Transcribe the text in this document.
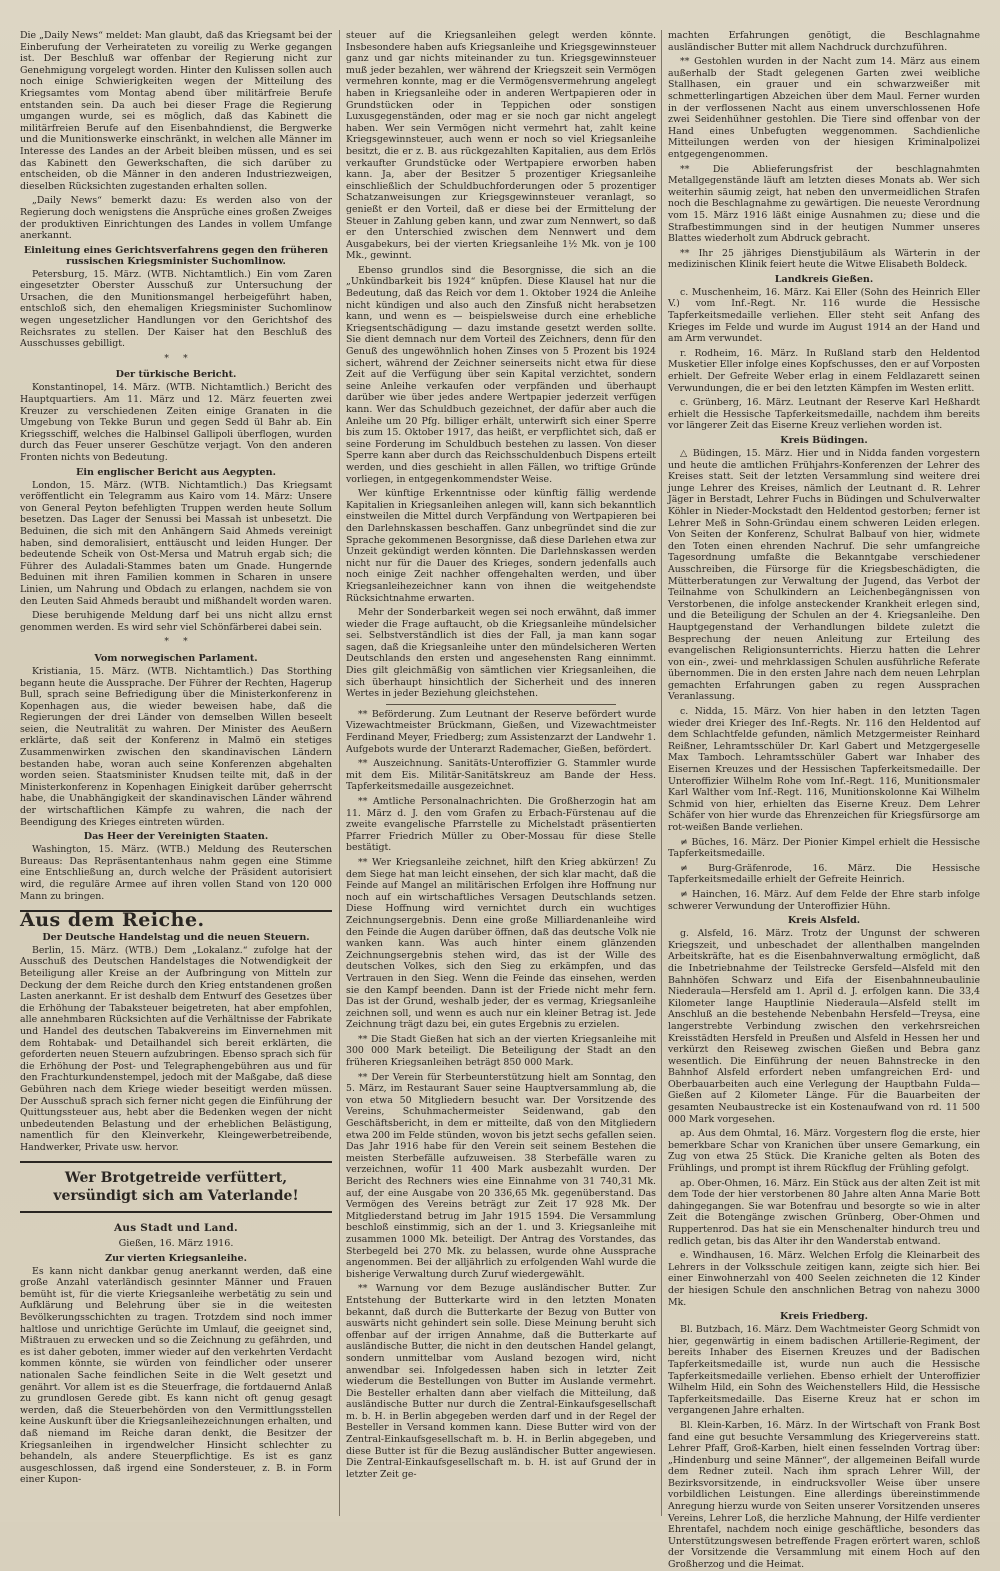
Die „Daily News“ meldet: Man glaubt, daß das Kriegsamt bei der Einberufung der Verheirateten zu voreilig zu Werke gegangen ist. Der Beschluß war offenbar der Regierung nicht zur Genehmigung vorgelegt worden. Hinter den Kulissen sollen auch noch einige Schwierigkeiten wegen der Mitteilung des Kriegsamtes vom Montag abend über militärfreie Berufe entstanden sein. Da auch bei dieser Frage die Regierung umgangen wurde, sei es möglich, daß das Kabinett die militärfreien Berufe auf den Eisenbahndienst, die Bergwerke und die Munitionswerke einschränkt, in welchen alle Männer im Interesse des Landes an der Arbeit bleiben müssen, und es sei das Kabinett den Gewerkschaften, die sich darüber zu entscheiden, ob die Männer in den anderen Industriezweigen, dieselben Rücksichten zugestanden erhalten sollen.

„Daily News“ bemerkt dazu: Es werden also von der Regierung doch wenigstens die Ansprüche eines großen Zweiges der produktiven Einrichtungen des Landes in vollem Umfange anerkannt.

Einleitung eines Gerichtsverfahrens gegen den früheren russischen Kriegsminister Suchomlinow.

Petersburg, 15. März. (WTB. Nichtamtlich.) Ein vom Zaren eingesetzter Oberster Ausschuß zur Untersuchung der Ursachen, die den Munitionsmangel herbeigeführt haben, entschloß sich, den ehemaligen Kriegsminister Suchomlinow wegen ungesetzlicher Handlungen vor den Gerichtshof des Reichsrates zu stellen. Der Kaiser hat den Beschluß des Ausschusses gebilligt.

*     *
Der türkische Bericht.

Konstantinopel, 14. März. (WTB. Nichtamtlich.) Bericht des Hauptquartiers. Am 11. März und 12. März feuerten zwei Kreuzer zu verschiedenen Zeiten einige Granaten in die Umgebung von Tekke Burun und gegen Sedd ül Bahr ab. Ein Kriegsschiff, welches die Halbinsel Gallipoli überflogen, wurden durch das Feuer unserer Geschütze verjagt. Von den anderen Fronten nichts von Bedeutung.

Ein englischer Bericht aus Aegypten.

London, 15. März. (WTB. Nichtamtlich.) Das Kriegsamt veröffentlicht ein Telegramm aus Kairo vom 14. März: Unsere von General Peyton befehligten Truppen werden heute Sollum besetzen. Das Lager der Senussi bei Massah ist unbesetzt. Die Beduinen, die sich mit den Anhängern Said Ahmeds vereinigt haben, sind demoralisiert, enttäuscht und leiden Hunger. Der bedeutende Scheik von Ost-Mersa und Matruh ergab sich; die Führer des Auladali-Stammes baten um Gnade. Hungernde Beduinen mit ihren Familien kommen in Scharen in unsere Linien, um Nahrung und Obdach zu erlangen, nachdem sie von den Leuten Said Ahmeds beraubt und mißhandelt worden waren.

Diese beruhigende Meldung darf bei uns nicht allzu ernst genommen werden. Es wird sehr viel Schönfärberei dabei sein.

*     *
Vom norwegischen Parlament.

Kristiania, 15. März. (WTB. Nichtamtlich.) Das Storthing begann heute die Aussprache. Der Führer der Rechten, Hagerup Bull, sprach seine Befriedigung über die Ministerkonferenz in Kopenhagen aus, die wieder beweisen habe, daß die Regierungen der drei Länder von demselben Willen beseelt seien, die Neutralität zu wahren. Der Minister des Aeußern erklärte, daß seit der Konferenz in Malmö ein stetiges Zusammenwirken zwischen den skandinavischen Ländern bestanden habe, woran auch seine Konferenzen abgehalten worden seien. Staatsminister Knudsen teilte mit, daß in der Ministerkonferenz in Kopenhagen Einigkeit darüber geherrscht habe, die Unabhängigkeit der skandinavischen Länder während der wirtschaftlichen Kämpfe zu wahren, die nach der Beendigung des Krieges eintreten würden.

Das Heer der Vereinigten Staaten.

Washington, 15. März. (WTB.) Meldung des Reuterschen Bureaus: Das Repräsentantenhaus nahm gegen eine Stimme eine Entschließung an, durch welche der Präsident autorisiert wird, die reguläre Armee auf ihren vollen Stand von 120 000 Mann zu bringen.

Aus dem Reiche.
Der Deutsche Handelstag und die neuen Steuern.

Berlin, 15. März. (WTB.) Dem „Lokalanz.“ zufolge hat der Ausschuß des Deutschen Handelstages die Notwendigkeit der Beteiligung aller Kreise an der Aufbringung von Mitteln zur Deckung der dem Reiche durch den Krieg entstandenen großen Lasten anerkannt. Er ist deshalb dem Entwurf des Gesetzes über die Erhöhung der Tabaksteuer beigetreten, hat aber empfohlen, alle annehmbaren Rücksichten auf die Verhältnisse der Fabrikate und Handel des deutschen Tabakvereins im Einvernehmen mit dem Rohtabak- und Detailhandel sich bereit erklärten, die geforderten neuen Steuern aufzubringen. Ebenso sprach sich für die Erhöhung der Post- und Telegraphengebühren aus und für den Frachturkundenstempel, jedoch mit der Maßgabe, daß diese Gebühren nach dem Kriege wieder beseitigt werden müssen. Der Ausschuß sprach sich ferner nicht gegen die Einführung der Quittungssteuer aus, hebt aber die Bedenken wegen der nicht unbedeutenden Belastung und der erheblichen Belästigung, namentlich für den Kleinverkehr, Kleingewerbetreibende, Handwerker, Private usw. hervor.

Wer Brotgetreide verfüttert, versündigt sich am Vaterlande!
Aus Stadt und Land.
Gießen, 16. März 1916.
Zur vierten Kriegsanleihe.

Es kann nicht dankbar genug anerkannt werden, daß eine große Anzahl vaterländisch gesinnter Männer und Frauen bemüht ist, für die vierte Kriegsanleihe werbetätig zu sein und Aufklärung und Belehrung über sie in die weitesten Bevölkerungsschichten zu tragen. Trotzdem sind noch immer haltlose und unrichtige Gerüchte im Umlauf, die geeignet sind, Mißtrauen zu erwecken und so die Zeichnung zu gefährden, und es ist daher geboten, immer wieder auf den verkehrten Verdacht kommen könnte, sie würden von feindlicher oder unserer nationalen Sache feindlichen Seite in die Welt gesetzt und genährt. Vor allem ist es die Steuerfrage, die fortdauernd Anlaß zu grundlosen Gerede gibt. Es kann nicht oft genug gesagt werden, daß die Steuerbehörden von den Vermittlungsstellen keine Auskunft über die Kriegsanleihezeichnungen erhalten, und daß niemand im Reiche daran denkt, die Besitzer der Kriegsanleihen in irgendwelcher Hinsicht schlechter zu behandeln, als andere Steuerpflichtige. Es ist es ganz ausgeschlossen, daß irgend eine Sondersteuer, z. B. in Form einer Kupon-

steuer auf die Kriegsanleihen gelegt werden könnte. Insbesondere haben aufs Kriegsanleihe und Kriegsgewinnsteuer ganz und gar nichts miteinander zu tun. Kriegsgewinnsteuer muß jeder bezahlen, wer während der Kriegszeit sein Vermögen vermehren konnte, mag er die Vermögensvermehrung angelegt haben in Kriegsanleihe oder in anderen Wertpapieren oder in Grundstücken oder in Teppichen oder sonstigen Luxusgegenständen, oder mag er sie noch gar nicht angelegt haben. Wer sein Vermögen nicht vermehrt hat, zahlt keine Kriegsgewinnsteuer, auch wenn er noch so viel Kriegsanleihe besitzt, die er z. B. aus rückgezahlten Kapitalien, aus dem Erlös verkaufter Grundstücke oder Wertpapiere erworben haben kann. Ja, aber der Besitzer 5 prozentiger Kriegsanleihe einschließlich der Schuldbuchforderungen oder 5 prozentiger Schatzanweisungen zur Kriegsgewinnsteuer veranlagt, so genießt er den Vorteil, daß er diese bei der Ermittelung der Steuer in Zahlung geben kann, und zwar zum Nennwert, so daß er den Unterschied zwischen dem Nennwert und dem Ausgabekurs, bei der vierten Kriegsanleihe 1½ Mk. von je 100 Mk., gewinnt.

Ebenso grundlos sind die Besorgnisse, die sich an die „Unkündbarkeit bis 1924“ knüpfen. Diese Klausel hat nur die Bedeutung, daß das Reich vor dem 1. Oktober 1924 die Anleihe nicht kündigen und also auch den Zinsfuß nicht herabsetzen kann, und wenn es — beispielsweise durch eine erhebliche Kriegsentschädigung — dazu imstande gesetzt werden sollte. Sie dient demnach nur dem Vorteil des Zeichners, denn für den Genuß des ungewöhnlich hohen Zinses von 5 Prozent bis 1924 sichert, während der Zeichner seinerseits nicht etwa für diese Zeit auf die Verfügung über sein Kapital verzichtet, sondern seine Anleihe verkaufen oder verpfänden und überhaupt darüber wie über jedes andere Wertpapier jederzeit verfügen kann. Wer das Schuldbuch gezeichnet, der dafür aber auch die Anleihe um 20 Pfg. billiger erhält, unterwirft sich einer Sperre bis zum 15. Oktober 1917, das heißt, er verpflichtet sich, daß er seine Forderung im Schuldbuch bestehen zu lassen. Von dieser Sperre kann aber durch das Reichsschuldenbuch Dispens erteilt werden, und dies geschieht in allen Fällen, wo triftige Gründe vorliegen, in entgegenkommendster Weise.

Wer künftige Erkenntnisse oder künftig fällig werdende Kapitalien in Kriegsanleihen anlegen will, kann sich bekanntlich einstweilen die Mittel durch Verpfändung von Wertpapieren bei den Darlehnskassen beschaffen. Ganz unbegründet sind die zur Sprache gekommenen Besorgnisse, daß diese Darlehen etwa zur Unzeit gekündigt werden könnten. Die Darlehnskassen werden nicht nur für die Dauer des Krieges, sondern jedenfalls auch noch einige Zeit nachher offengehalten werden, und über Kriegsanleihezeichner kann von ihnen die weitgehendste Rücksichtnahme erwarten.

Mehr der Sonderbarkeit wegen sei noch erwähnt, daß immer wieder die Frage auftaucht, ob die Kriegsanleihe mündelsicher sei. Selbstverständlich ist dies der Fall, ja man kann sogar sagen, daß die Kriegsanleihe unter den mündelsicheren Werten Deutschlands den ersten und angesehensten Rang einnimmt. Dies gilt gleichmäßig von sämtlichen vier Kriegsanleihen, die sich überhaupt hinsichtlich der Sicherheit und des inneren Wertes in jeder Beziehung gleichstehen.

** Beförderung. Zum Leutnant der Reserve befördert wurde Vizewachtmeister Brückmann, Gießen, und Vizewachtmeister Ferdinand Meyer, Friedberg; zum Assistenzarzt der Landwehr 1. Aufgebots wurde der Unterarzt Rademacher, Gießen, befördert.

** Auszeichnung. Sanitäts-Unteroffizier G. Stammler wurde mit dem Eis. Militär-Sanitätskreuz am Bande der Hess. Tapferkeitsmedaille ausgezeichnet.

** Amtliche Personalnachrichten. Die Großherzogin hat am 11. März d. J. den vom Grafen zu Erbach-Fürstenau auf die zweite evangelische Pfarrstelle zu Michelstadt präsentierten Pfarrer Friedrich Müller zu Ober-Mossau für diese Stelle bestätigt.

** Wer Kriegsanleihe zeichnet, hilft den Krieg abkürzen! Zu dem Siege hat man leicht einsehen, der sich klar macht, daß die Feinde auf Mangel an militärischen Erfolgen ihre Hoffnung nur noch auf ein wirtschaftliches Versagen Deutschlands setzen. Diese Hoffnung wird vernichtet durch ein wuchtiges Zeichnungsergebnis. Denn eine große Milliardenanleihe wird den Feinde die Augen darüber öffnen, daß das deutsche Volk nie wanken kann. Was auch hinter einem glänzenden Zeichnungsergebnis stehen wird, das ist der Wille des deutschen Volkes, sich den Sieg zu erkämpfen, und das Vertrauen in den Sieg. Wenn die Feinde das einsehen, werden sie den Kampf beenden. Dann ist der Friede nicht mehr fern. Das ist der Grund, weshalb jeder, der es vermag, Kriegsanleihe zeichnen soll, und wenn es auch nur ein kleiner Betrag ist. Jede Zeichnung trägt dazu bei, ein gutes Ergebnis zu erzielen.

** Die Stadt Gießen hat sich an der vierten Kriegsanleihe mit 300 000 Mark beteiligt. Die Beteiligung der Stadt an den früheren Kriegsanleihen beträgt 850 000 Mark.

** Der Verein für Sterbeunterstützung hielt am Sonntag, den 5. März, im Restaurant Sauer seine Hauptversammlung ab, die von etwa 50 Mitgliedern besucht war. Der Vorsitzende des Vereins, Schuhmachermeister Seidenwand, gab den Geschäftsbericht, in dem er mitteilte, daß von den Mitgliedern etwa 200 im Felde stünden, wovon bis jetzt sechs gefallen seien. Das Jahr 1916 habe für den Verein seit seinem Bestehen die meisten Sterbefälle aufzuweisen. 38 Sterbefälle waren zu verzeichnen, wofür 11 400 Mark ausbezahlt wurden. Der Bericht des Rechners wies eine Einnahme von 31 740,31 Mk. auf, der eine Ausgabe von 20 336,65 Mk. gegenüberstand. Das Vermögen des Vereins beträgt zur Zeit 17 928 Mk. Der Mitgliederstand betrug im Jahr 1915 1594. Die Versammlung beschloß einstimmig, sich an der 1. und 3. Kriegsanleihe mit zusammen 1000 Mk. beteiligt. Der Antrag des Vorstandes, das Sterbegeld bei 270 Mk. zu belassen, wurde ohne Aussprache angenommen. Bei der alljährlich zu erfolgenden Wahl wurde die bisherige Verwaltung durch Zuruf wiedergewählt.

** Warnung vor dem Bezuge ausländischer Butter. Zur Entstehung der Butterkarte wird in den letzten Monaten bekannt, daß durch die Butterkarte der Bezug von Butter von auswärts nicht gehindert sein solle. Diese Meinung beruht sich offenbar auf der irrigen Annahme, daß die Butterkarte auf ausländische Butter, die nicht in den deutschen Handel gelangt, sondern unmittelbar vom Ausland bezogen wird, nicht anwendbar sei. Infolgedessen haben sich in letzter Zeit wiederum die Bestellungen von Butter im Auslande vermehrt. Die Besteller erhalten dann aber vielfach die Mitteilung, daß ausländische Butter nur durch die Zentral-Einkaufsgesellschaft m. b. H. in Berlin abgegeben werden darf und in der Regel der Besteller in Versand kommen kann. Diese Butter wird von der Zentral-Einkaufsgesellschaft m. b. H. in Berlin abgegeben, und diese Butter ist für die Bezug ausländischer Butter angewiesen. Die Zentral-Einkaufsgesellschaft m. b. H. ist auf Grund der in letzter Zeit ge-

machten Erfahrungen genötigt, die Beschlagnahme ausländischer Butter mit allem Nachdruck durchzuführen.

** Gestohlen wurden in der Nacht zum 14. März aus einem außerhalb der Stadt gelegenen Garten zwei weibliche Stallhasen, ein grauer und ein schwarzweißer mit schmetterlingartigen Abzeichen über dem Maul. Ferner wurden in der verflossenen Nacht aus einem unverschlossenen Hofe zwei Seidenhühner gestohlen. Die Tiere sind offenbar von der Hand eines Unbefugten weggenommen. Sachdienliche Mitteilungen werden von der hiesigen Kriminalpolizei entgegengenommen.

** Die Ablieferungsfrist der beschlagnahmten Metallgegenstände läuft am letzten dieses Monats ab. Wer sich weiterhin säumig zeigt, hat neben den unvermeidlichen Strafen noch die Beschlagnahme zu gewärtigen. Die neueste Verordnung vom 15. März 1916 läßt einige Ausnahmen zu; diese und die Strafbestimmungen sind in der heutigen Nummer unseres Blattes wiederholt zum Abdruck gebracht.

** Ihr 25 jähriges Dienstjubiläum als Wärterin in der medizinischen Klinik feiert heute die Witwe Elisabeth Boldeck.

Landkreis Gießen.

c. Muschenheim, 16. März. Kai Eller (Sohn des Heinrich Eller V.) vom Inf.-Regt. Nr. 116 wurde die Hessische Tapferkeitsmedaille verliehen. Eller steht seit Anfang des Krieges im Felde und wurde im August 1914 an der Hand und am Arm verwundet.

r. Rodheim, 16. März. In Rußland starb den Heldentod Musketier Eller infolge eines Kopfschusses, den er auf Vorposten erhielt. Der Gefreite Weber erlag in einem Feldlazarett seinen Verwundungen, die er bei den letzten Kämpfen im Westen erlitt.

c. Grünberg, 16. März. Leutnant der Reserve Karl Heßhardt erhielt die Hessische Tapferkeitsmedaille, nachdem ihm bereits vor längerer Zeit das Eiserne Kreuz verliehen worden ist.

Kreis Büdingen.

△ Büdingen, 15. März. Hier und in Nidda fanden vorgestern und heute die amtlichen Frühjahrs-Konferenzen der Lehrer des Kreises statt. Seit der letzten Versammlung sind weitere drei junge Lehrer des Kreises, nämlich der Leutnant d. R. Lehrer Jäger in Berstadt, Lehrer Fuchs in Büdingen und Schulverwalter Köhler in Nieder-Mockstadt den Heldentod gestorben; ferner ist Lehrer Meß in Sohn-Gründau einem schweren Leiden erlegen. Von Seiten der Konferenz, Schulrat Balbauf von hier, widmete den Toten einen ehrenden Nachruf. Die sehr umfangreiche Tagesordnung umfaßte die Bekanntgabe verschiedener Ausschreiben, die Fürsorge für die Kriegsbeschädigten, die Mütterberatungen zur Verwaltung der Jugend, das Verbot der Teilnahme von Schulkindern an Leichenbegängnissen von Verstorbenen, die infolge ansteckender Krankheit erlegen sind, und die Beteiligung der Schulen an der 4. Kriegsanleihe. Den Hauptgegenstand der Verhandlungen bildete zuletzt die Besprechung der neuen Anleitung zur Erteilung des evangelischen Religionsunterrichts. Hierzu hatten die Lehrer von ein-, zwei- und mehrklassigen Schulen ausführliche Referate übernommen. Die in den ersten Jahre nach dem neuen Lehrplan gemachten Erfahrungen gaben zu regen Aussprachen Veranlassung.

c. Nidda, 15. März. Von hier haben in den letzten Tagen wieder drei Krieger des Inf.-Regts. Nr. 116 den Heldentod auf dem Schlachtfelde gefunden, nämlich Metzgermeister Reinhard Reißner, Lehramtsschüler Dr. Karl Gabert und Metzgergeselle Max Tamboch. Lehramtsschüler Gabert war Inhaber des Eisernen Kreuzes und der Hessischen Tapferkeitsmedaille. Der Unteroffizier Wilhelm Rohe vom Inf.-Regt. 116, Munitionsmaler Karl Walther vom Inf.-Regt. 116, Munitionskolonne Kai Wilhelm Schmid von hier, erhielten das Eiserne Kreuz. Dem Lehrer Schäfer von hier wurde das Ehrenzeichen für Kriegsfürsorge am rot-weißen Bande verliehen.

≠ Büches, 16. März. Der Pionier Kimpel erhielt die Hessische Tapferkeitsmedaille.

≠ Burg-Gräfenrode, 16. März. Die Hessische Tapferkeitsmedaille erhielt der Gefreite Heinrich.

≠ Hainchen, 16. März. Auf dem Felde der Ehre starb infolge schwerer Verwundung der Unteroffizier Hühn.

Kreis Alsfeld.

g. Alsfeld, 16. März. Trotz der Ungunst der schweren Kriegszeit, und unbeschadet der allenthalben mangelnden Arbeitskräfte, hat es die Eisenbahnverwaltung ermöglicht, daß die Inbetriebnahme der Teilstrecke Gersfeld—Alsfeld mit den Bahnhöfen Schwarz und Eifa der Eisenbahnneubaulinie Niederaula—Hersfeld am 1. April d. J. erfolgen kann. Die 33,4 Kilometer lange Hauptlinie Niederaula—Alsfeld stellt im Anschluß an die bestehende Nebenbahn Hersfeld—Treysa, eine langerstrebte Verbindung zwischen den verkehrsreichen Kreisstädten Hersfeld in Preußen und Alsfeld in Hessen her und verkürzt den Reiseweg zwischen Gießen und Bebra ganz wesentlich. Die Einführung der neuen Bahnstrecke in den Bahnhof Alsfeld erfordert neben umfangreichen Erd- und Oberbauarbeiten auch eine Verlegung der Hauptbahn Fulda—Gießen auf 2 Kilometer Länge. Für die Bauarbeiten der gesamten Neubaustrecke ist ein Kostenaufwand von rd. 11 500 000 Mark vorgesehen.

ap. Aus dem Ohmtal, 16. März. Vorgestern flog die erste, hier bemerkbare Schar von Kranichen über unsere Gemarkung, ein Zug von etwa 25 Stück. Die Kraniche gelten als Boten des Frühlings, und prompt ist ihrem Rückflug der Frühling gefolgt.

ap. Ober-Ohmen, 16. März. Ein Stück aus der alten Zeit ist mit dem Tode der hier verstorbenen 80 Jahre alten Anna Marie Bott dahingegangen. Sie war Botenfrau und besorgte so wie in alter Zeit die Botengänge zwischen Grünberg, Ober-Ohmen und Ruppertenrod. Das hat sie ein Menschenalter hindurch treu und redlich getan, bis das Alter ihr den Wanderstab entwand.

e. Windhausen, 16. März. Welchen Erfolg die Kleinarbeit des Lehrers in der Volksschule zeitigen kann, zeigte sich hier. Bei einer Einwohnerzahl von 400 Seelen zeichneten die 12 Kinder der hiesigen Schule den anschnlichen Betrag von nahezu 3000 Mk.

Kreis Friedberg.

Bl. Butzbach, 16. März. Dem Wachtmeister Georg Schmidt von hier, gegenwärtig in einem badischen Artillerie-Regiment, der bereits Inhaber des Eisernen Kreuzes und der Badischen Tapferkeitsmedaille ist, wurde nun auch die Hessische Tapferkeitsmedaille verliehen. Ebenso erhielt der Unteroffizier Wilhelm Hild, ein Sohn des Weichenstellers Hild, die Hessische Tapferkeitsmedaille. Das Eiserne Kreuz hat er schon im vergangenen Jahre erhalten.

Bl. Klein-Karben, 16. März. In der Wirtschaft von Frank Bost fand eine gut besuchte Versammlung des Kriegervereins statt. Lehrer Pfaff, Groß-Karben, hielt einen fesselnden Vortrag über: „Hindenburg und seine Männer“, der allgemeinen Beifall wurde dem Redner zuteil. Nach ihm sprach Lehrer Will, der Bezirksvorsitzende, in eindrucksvoller Weise über unsere vorbildlichen Leistungen. Eine allerdings übereinstimmende Anregung hierzu wurde von Seiten unserer Vorsitzenden unseres Vereins, Lehrer Loß, die herzliche Mahnung, der Hilfe verdienter Ehrentafel, nachdem noch einige geschäftliche, besonders das Unterstützungswesen betreffende Fragen erörtert waren, schloß der Vorsitzende die Versammlung mit einem Hoch auf den Großherzog und die Heimat.
